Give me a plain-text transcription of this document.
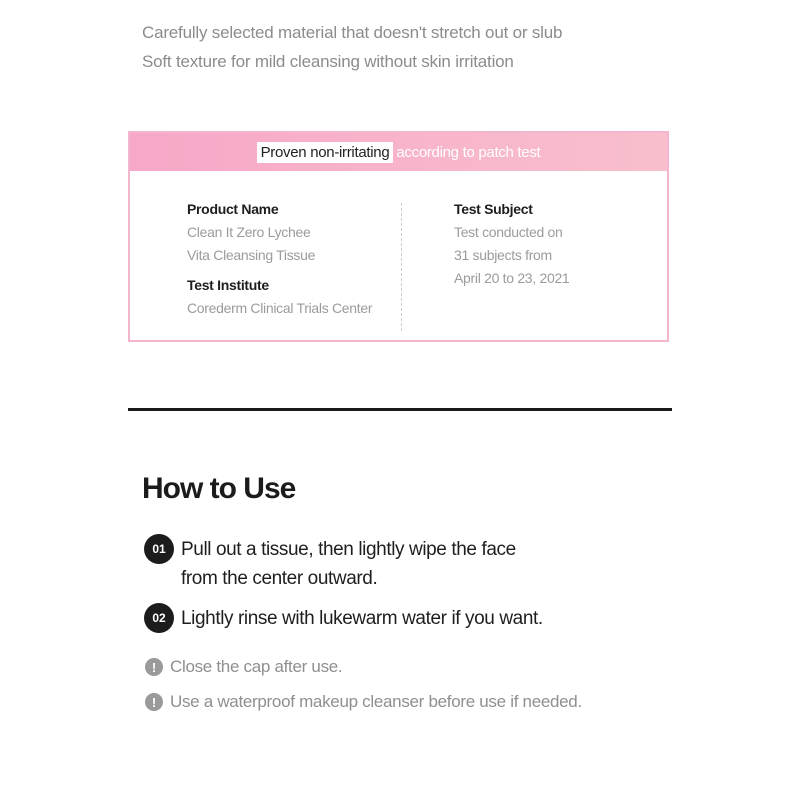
Carefully selected material that doesn't stretch out or slub
Soft texture for mild cleansing without skin irritation
Proven non-irritating according to patch test
Product Name
Clean It Zero Lychee
Vita Cleansing Tissue
Test Institute
Corederm Clinical Trials Center
Test Subject
Test conducted on
31 subjects from
April 20 to 23, 2021
How to Use
01 Pull out a tissue, then lightly wipe the face
from the center outward.
02 Lightly rinse with lukewarm water if you want.
! Close the cap after use.
! Use a waterproof makeup cleanser before use if needed.
